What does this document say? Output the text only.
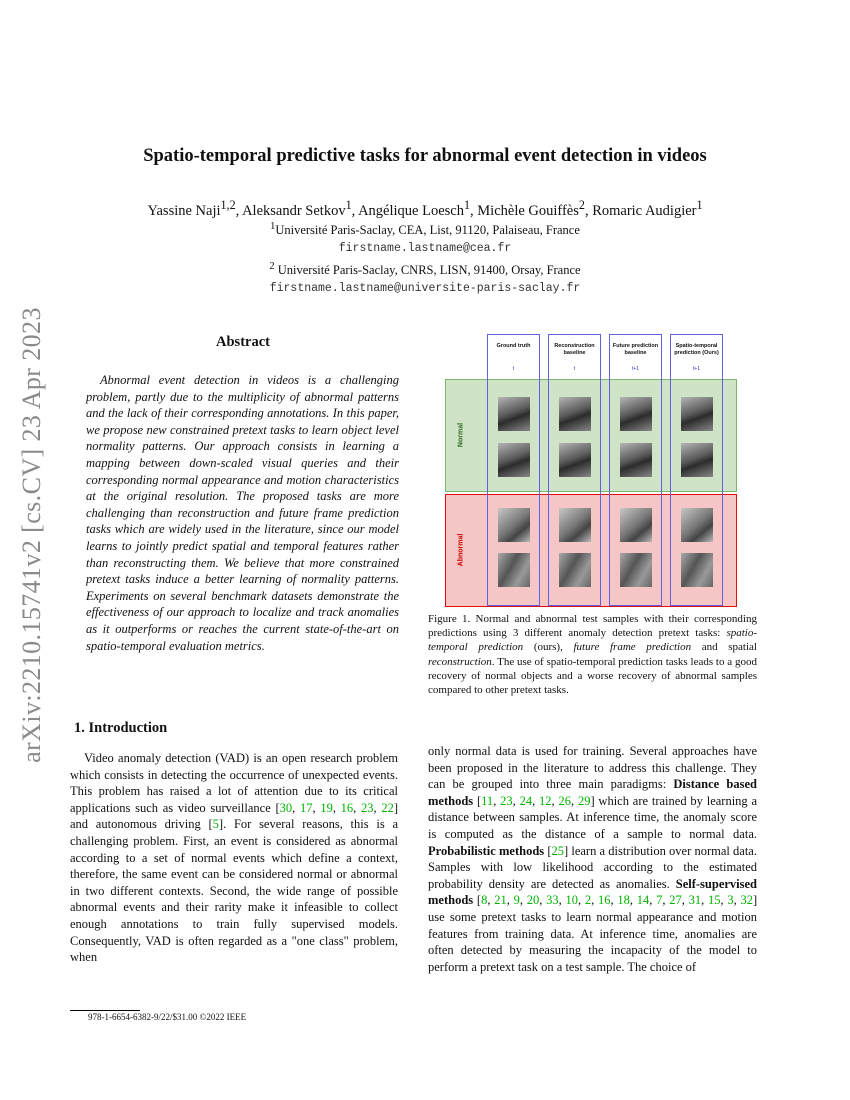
arXiv:2210.15741v2 [cs.CV] 23 Apr 2023
Spatio-temporal predictive tasks for abnormal event detection in videos
Yassine Naji$^{1,2}$, Aleksandr Setkov$^1$, Angélique Loesch$^1$, Michèle Gouiffès$^2$, Romaric Audigier$^1$
$^1$Université Paris-Saclay, CEA, List, 91120, Palaiseau, France
firstname.lastname@cea.fr
$^2$ Université Paris-Saclay, CNRS, LISN, 91400, Orsay, France
firstname.lastname@universite-paris-saclay.fr
Abstract
Abnormal event detection in videos is a challenging problem, partly due to the multiplicity of abnormal patterns and the lack of their corresponding annotations. In this paper, we propose new constrained pretext tasks to learn object level normality patterns. Our approach consists in learning a mapping between down-scaled visual queries and their corresponding normal appearance and motion characteristics at the original resolution. The proposed tasks are more challenging than reconstruction and future frame prediction tasks which are widely used in the literature, since our model learns to jointly predict spatial and temporal features rather than reconstructing them. We believe that more constrained pretext tasks induce a better learning of normality patterns. Experiments on several benchmark datasets demonstrate the effectiveness of our approach to localize and track anomalies as it outperforms or reaches the current state-of-the-art on spatio-temporal evaluation metrics.
Normal
Abnormal
Ground truth
t
Reconstruction baseline
t
Future prediction baseline
t+1
Spatio-temporal prediction (Ours)
t+1
Figure 1. Normal and abnormal test samples with their corresponding predictions using 3 different anomaly detection pretext tasks: spatio-temporal prediction (ours), future frame prediction and spatial reconstruction. The use of spatio-temporal prediction tasks leads to a good recovery of normal objects and a worse recovery of abnormal samples compared to other pretext tasks.
1. Introduction
Video anomaly detection (VAD) is an open research problem which consists in detecting the occurrence of unexpected events. This problem has raised a lot of attention due to its critical applications such as video surveillance [30, 17, 19, 16, 23, 22] and autonomous driving [5]. For several reasons, this is a challenging problem. First, an event is considered as abnormal according to a set of normal events which define a context, therefore, the same event can be considered normal or abnormal in two different contexts. Second, the wide range of possible abnormal events and their rarity make it infeasible to collect enough annotations to train fully supervised models. Consequently, VAD is often regarded as a "one class" problem, when
only normal data is used for training. Several approaches have been proposed in the literature to address this challenge. They can be grouped into three main paradigms: Distance based methods [11, 23, 24, 12, 26, 29] which are trained by learning a distance between samples. At inference time, the anomaly score is computed as the distance of a sample to normal data. Probabilistic methods [25] learn a distribution over normal data. Samples with low likelihood according to the estimated probability density are detected as anomalies. Self-supervised methods [8, 21, 9, 20, 33, 10, 2, 16, 18, 14, 7, 27, 31, 15, 3, 32] use some pretext tasks to learn normal appearance and motion features from training data. At inference time, anomalies are often detected by measuring the incapacity of the model to perform a pretext task on a test sample. The choice of
978-1-6654-6382-9/22/$31.00 ©2022 IEEE
